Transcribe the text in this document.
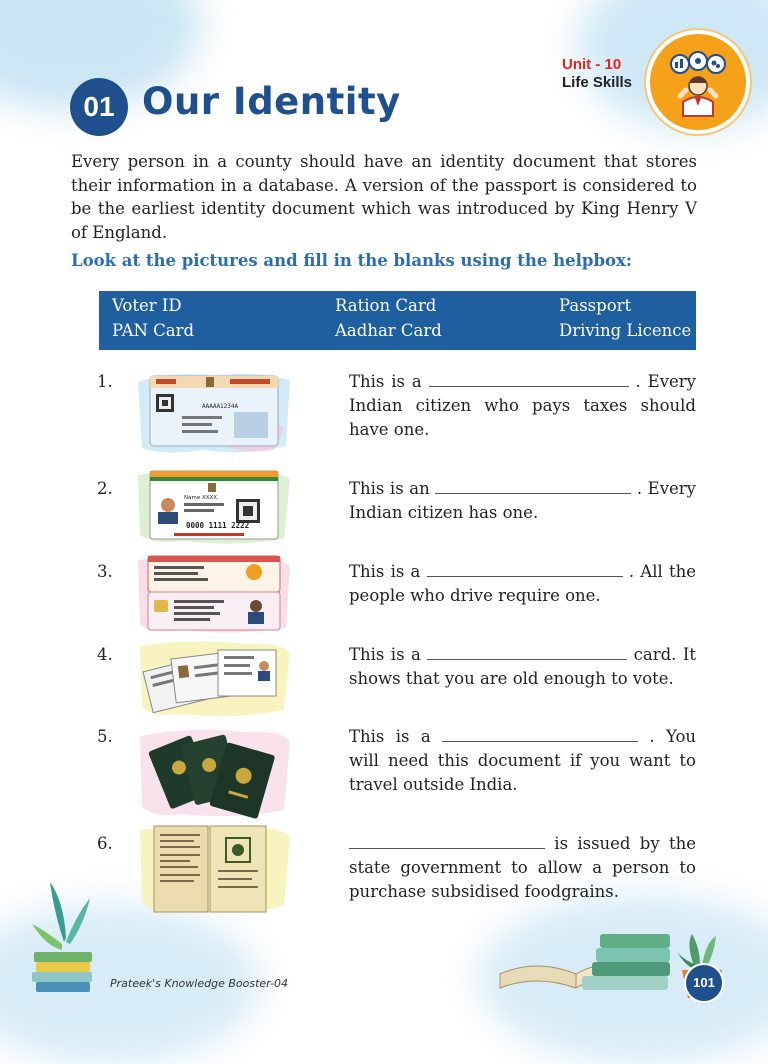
Unit - 10
Life Skills
01 Our Identity
Every person in a county should have an identity document that stores their information in a database. A version of the passport is considered to be the earliest identity document which was introduced by King Henry V of England.
Look at the pictures and fill in the blanks using the helpbox:
Voter ID	Ration Card	Passport
PAN Card	Aadhar Card	Driving Licence
1.
AAAAA1234A
This is a	. Every Indian citizen who pays taxes should have one.
2.	Name XXXX
0000 1111 2222
This is an	. Every Indian citizen has one.
3.	This is a	. All the people who drive require one.
4.	This is a	card. It shows that you are old enough to vote.
5.	This is a	. You will need this document if you want to travel outside India.
6.	is issued by the state government to allow a person to purchase subsidised foodgrains.
Prateek's Knowledge Booster-04	101
